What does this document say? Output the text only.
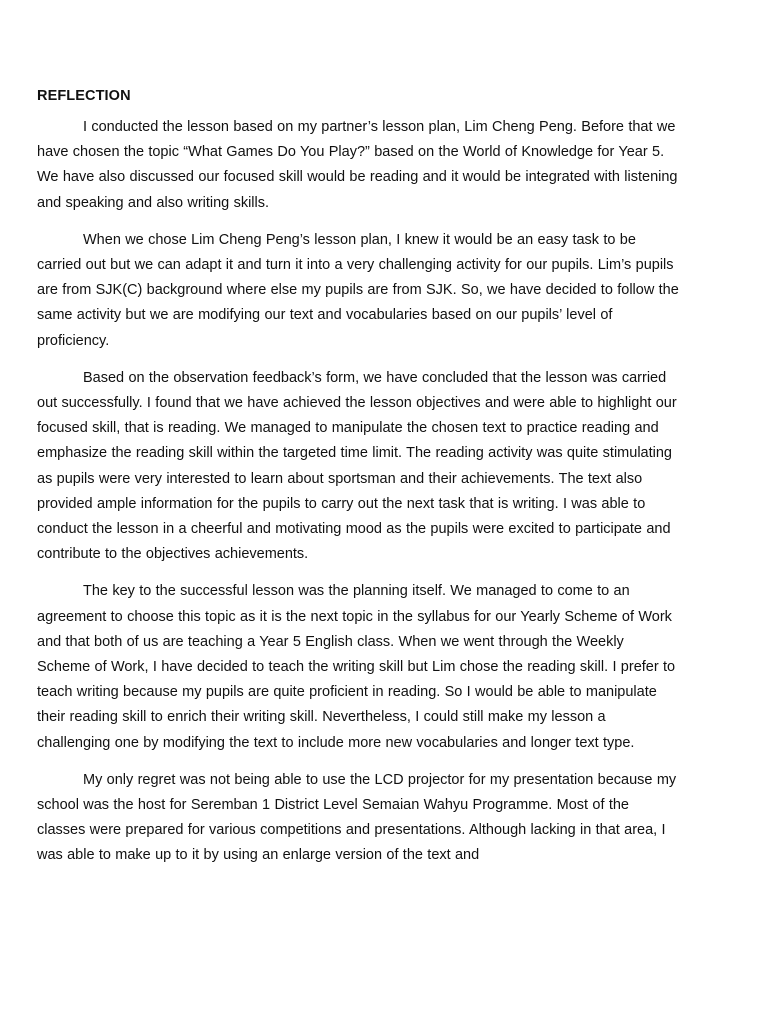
REFLECTION

I conducted the lesson based on my partner’s lesson plan, Lim Cheng Peng. Before that we have chosen the topic “What Games Do You Play?” based on the World of Knowledge for Year 5. We have also discussed our focused skill would be reading and it would be integrated with listening and speaking and also writing skills.

When we chose Lim Cheng Peng’s lesson plan, I knew it would be an easy task to be carried out but we can adapt it and turn it into a very challenging activity for our pupils. Lim’s pupils are from SJK(C) background where else my pupils are from SJK. So, we have decided to follow the same activity but we are modifying our text and vocabularies based on our pupils’ level of proficiency.

Based on the observation feedback’s form, we have concluded that the lesson was carried out successfully. I found that we have achieved the lesson objectives and were able to highlight our focused skill, that is reading. We managed to manipulate the chosen text to practice reading and emphasize the reading skill within the targeted time limit. The reading activity was quite stimulating as pupils were very interested to learn about sportsman and their achievements. The text also provided ample information for the pupils to carry out the next task that is writing. I was able to conduct the lesson in a cheerful and motivating mood as the pupils were excited to participate and contribute to the objectives achievements.

The key to the successful lesson was the planning itself. We managed to come to an agreement to choose this topic as it is the next topic in the syllabus for our Yearly Scheme of Work and that both of us are teaching a Year 5 English class. When we went through the Weekly Scheme of Work, I have decided to teach the writing skill but Lim chose the reading skill. I prefer to teach writing because my pupils are quite proficient in reading. So I would be able to manipulate their reading skill to enrich their writing skill. Nevertheless, I could still make my lesson a challenging one by modifying the text to include more new vocabularies and longer text type.

My only regret was not being able to use the LCD projector for my presentation because my school was the host for Seremban 1 District Level Semaian Wahyu Programme. Most of the classes were prepared for various competitions and presentations. Although lacking in that area, I was able to make up to it by using an enlarge version of the text and
